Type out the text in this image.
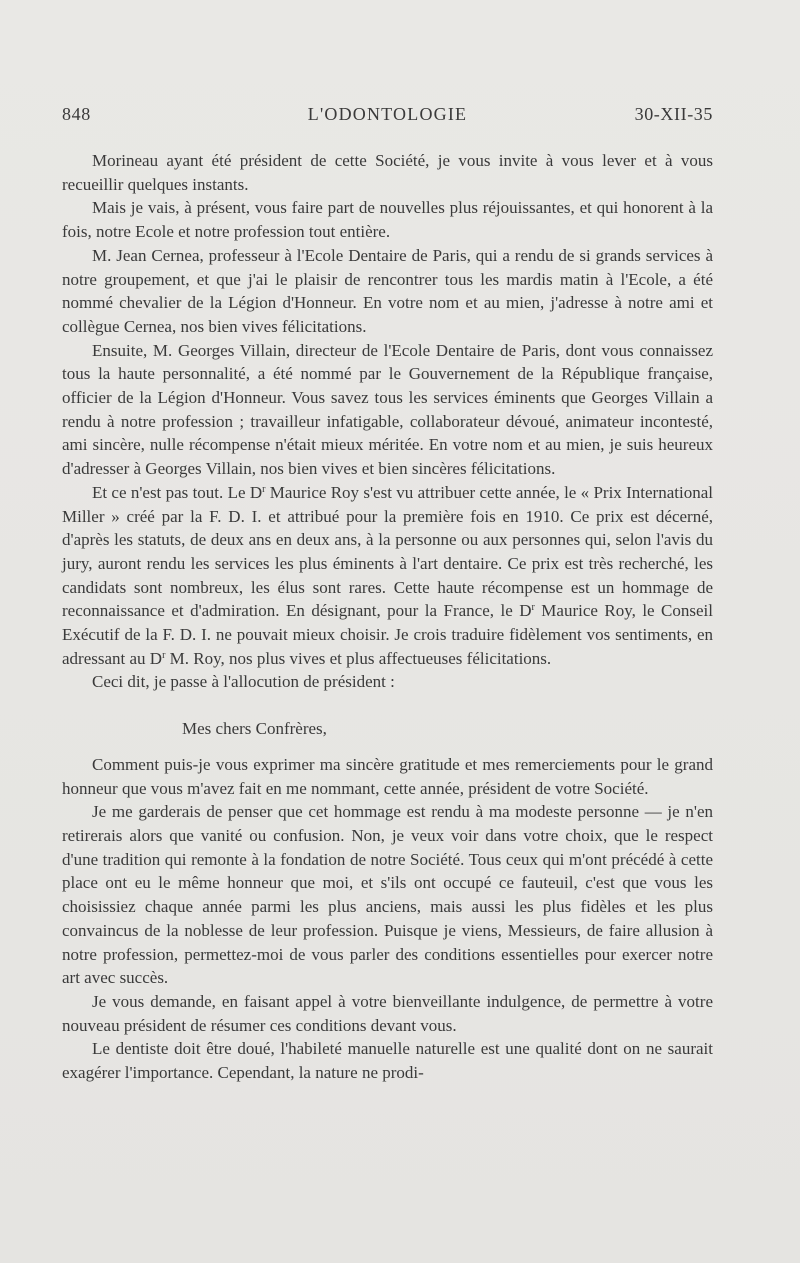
848	L'ODONTOLOGIE	30-XII-35

Morineau ayant été président de cette Société, je vous invite à vous lever et à vous recueillir quelques instants.

Mais je vais, à présent, vous faire part de nouvelles plus réjouissantes, et qui honorent à la fois, notre Ecole et notre profession tout entière.

M. Jean Cernea, professeur à l'Ecole Dentaire de Paris, qui a rendu de si grands services à notre groupement, et que j'ai le plaisir de rencontrer tous les mardis matin à l'Ecole, a été nommé chevalier de la Légion d'Honneur. En votre nom et au mien, j'adresse à notre ami et collègue Cernea, nos bien vives félicitations.

Ensuite, M. Georges Villain, directeur de l'Ecole Dentaire de Paris, dont vous connaissez tous la haute personnalité, a été nommé par le Gouvernement de la République française, officier de la Légion d'Honneur. Vous savez tous les services éminents que Georges Villain a rendu à notre profession ; travailleur infatigable, collaborateur dévoué, animateur incontesté, ami sincère, nulle récompense n'était mieux méritée. En votre nom et au mien, je suis heureux d'adresser à Georges Villain, nos bien vives et bien sincères félicitations.

Et ce n'est pas tout. Le $D^r$ Maurice Roy s'est vu attribuer cette année, le « Prix International Miller » créé par la F. D. I. et attribué pour la première fois en 1910. Ce prix est décerné, d'après les statuts, de deux ans en deux ans, à la personne ou aux personnes qui, selon l'avis du jury, auront rendu les services les plus éminents à l'art dentaire. Ce prix est très recherché, les candidats sont nombreux, les élus sont rares. Cette haute récompense est un hommage de reconnaissance et d'admiration. En désignant, pour la France, le $D^r$ Maurice Roy, le Conseil Exécutif de la F. D. I. ne pouvait mieux choisir. Je crois traduire fidèlement vos sentiments, en adressant au $D^r$ M. Roy, nos plus vives et plus affectueuses félicitations.

Ceci dit, je passe à l'allocution de président :

Mes chers Confrères,

Comment puis-je vous exprimer ma sincère gratitude et mes remerciements pour le grand honneur que vous m'avez fait en me nommant, cette année, président de votre Société.

Je me garderais de penser que cet hommage est rendu à ma modeste personne — je n'en retirerais alors que vanité ou confusion. Non, je veux voir dans votre choix, que le respect d'une tradition qui remonte à la fondation de notre Société. Tous ceux qui m'ont précédé à cette place ont eu le même honneur que moi, et s'ils ont occupé ce fauteuil, c'est que vous les choisissiez chaque année parmi les plus anciens, mais aussi les plus fidèles et les plus convaincus de la noblesse de leur profession. Puisque je viens, Messieurs, de faire allusion à notre profession, permettez-moi de vous parler des conditions essentielles pour exercer notre art avec succès.

Je vous demande, en faisant appel à votre bienveillante indulgence, de permettre à votre nouveau président de résumer ces conditions devant vous.

Le dentiste doit être doué, l'habileté manuelle naturelle est une qualité dont on ne saurait exagérer l'importance. Cependant, la nature ne prodi-
